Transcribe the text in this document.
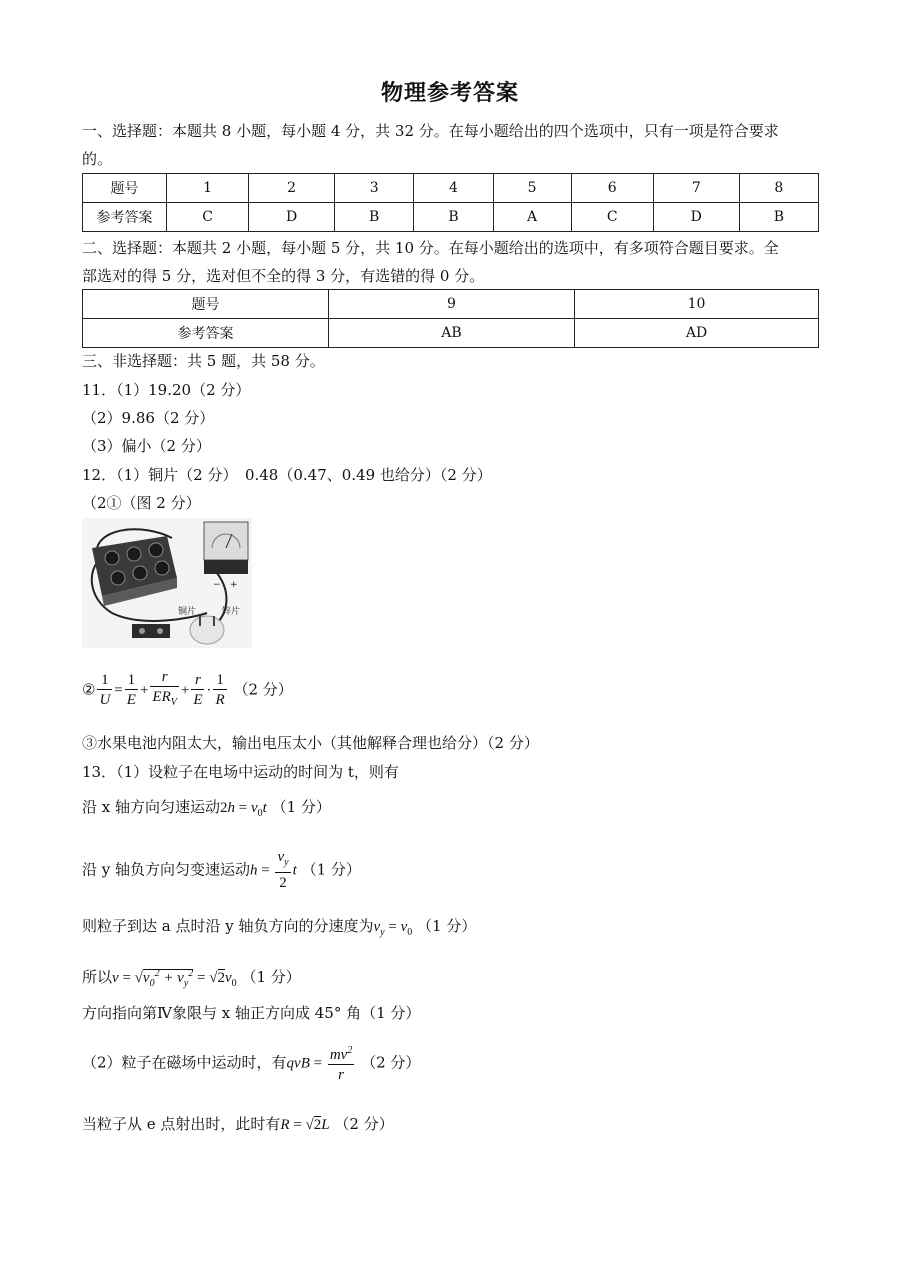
物理参考答案
一、选择题：本题共 8 小题，每小题 4 分，共 32 分。在每小题给出的四个选项中，只有一项是符合要求
的。
题号	1	2	3	4	5	6	7	8
参考答案	C	D	B	B	A	C	D	B
二、选择题：本题共 2 小题，每小题 5 分，共 10 分。在每小题给出的选项中，有多项符合题目要求。全
部选对的得 5 分，选对但不全的得 3 分，有选错的得 0 分。
题号	9	10
参考答案	AB	AD
三、非选择题：共 5 题，共 58 分。
11．（1）19.20（2 分）
（2）9.86（2 分）
（3）偏小（2 分）
12．（1）铜片（2 分）　0.48（0.47、0.49 也给分）（2 分）
（2①（图 2 分）
− +
铜片	锌片
② $\frac{1}{U} = \frac{1}{E} + \frac{r}{ER_V} + \frac{r}{E} \cdot \frac{1}{R} (2$ 分）
③水果电池内阻太大，输出电压太小（其他解释合理也给分）（2 分）
13．（1）设粒子在电场中运动的时间为 t，则有
沿 x 轴方向匀速运动$2h = v_0t$ （1 分）
沿 y 轴负方向匀变速运动$h = \frac{v_y}{2}$ t （1 分）
则粒子到达 a 点时沿 y 轴负方向的分速度为$v_y = v_0$ （1 分）
所以$v = √v_0^2 + v_y^2 = √2v_0$ （1 分）
方向指向第Ⅳ象限与 x 轴正方向成 45° 角（1 分）
（2）粒子在磁场中运动时，有qvB = $\frac{mv^2}{r} (2$ 分）
当粒子从 e 点射出时，此时有R = √2L （2 分）
